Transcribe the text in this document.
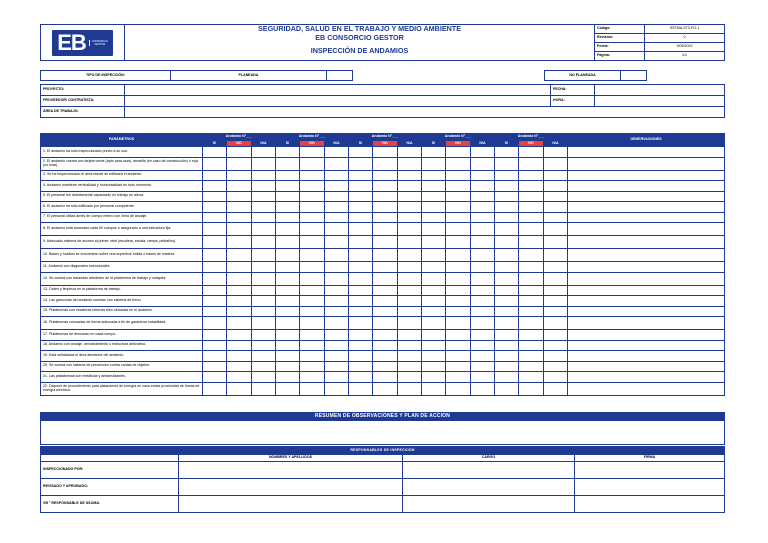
EB CONSORCIO
GESTOR	SEGURIDAD, SALUD EN EL TRABAJO Y MEDIO AMBIENTE	Código:	SSTMA-ST3-FO-1
	EB CONSORCIO GESTOR	Revisión:	0
	INSPECCIÓN DE ANDAMIOS	Fecha:	9/05/2022
		Página:	1/1
TIPO DE INSPECCIÓN:	PLANEADA			NO PLANEADA		
PROYECTO:		FECHA:	
PROVEEDOR/ CONTRATISTA:		HORA:	
ÁREA DE TRABAJO:			
PARÁMETROS	Andamio N°___			Andamio N°___			Andamio N°___			Andamio N°___			Andamio N°___			OBSERVACIONES
	SI	NO	N/A	SI	NO	N/A	SI	NO	N/A	SI	NO	N/A	SI	NO	N/A	
1. El andamio ha sido inspeccionado previo a su uso.																
2. El andamio cuenta con tarjeta verde (apto para usar), amarilla (en caso de construcción) o roja (no usar).																
3. Se ha inspeccionado el área donde se edificará el andamio.																
4. Andamio mantiene verticalidad y horizontalidad en todo momento.																
5. El personal fue debidamente capacitado en trabajo en altura.																
6. El andamio ha sido edificado por personal competente.																
7. El personal utiliza arnés de cuerpo entero con línea de anclaje.																
8. El andamio está amarrado cada 09 cuerpos o asegurado a una estructura fija.																
9. Adecuado sistema de acceso al primer nivel (escalera, escala, rampa, peldaños).																
10. Bases y husillos se encuentran sobre una superficie sólida o bases de madera.																
11. Andamio con diagonales estructurales.																
12. Se cuenta con barandas alrededor de la plataforma de trabajo y rodapiés.																
13. Orden y limpieza en la plataforma de trabajo.																
14. Las garruchas del andamio cuentan con sistema de freno.																
15. Plataformas con escaleras internas bien ubicadas en el andamio.																
16. Plataformas colocadas de forma adecuada a fin de garantizar estabilidad.																
17. Plataformas de descanso en cada cuerpo.																
18. Andamio con anclaje, arriostramiento o estructura antivuelco.																
19. Está señalizada el área alrededor del andamio.																
20. Se cuenta con sistema de prevención contra caídas de objetos.																
21. Las plataformas son metálicas y antideslizantes.																
22. Dispone de procedimiento para aislamiento de energía en caso exista proximidad de líneas de energía eléctrica.																
RESUMEN DE OBSERVACIONES Y PLAN DE ACCIÓN

RESPONSABLES DE INSPECCIÓN			
	NOMBRES Y APELLIDOS	CARGO	FIRMA
INSPECCIONADO POR:			
REVISADO Y APROBADO:			
VB ° RESPONSABLE DE SSOMA:			
